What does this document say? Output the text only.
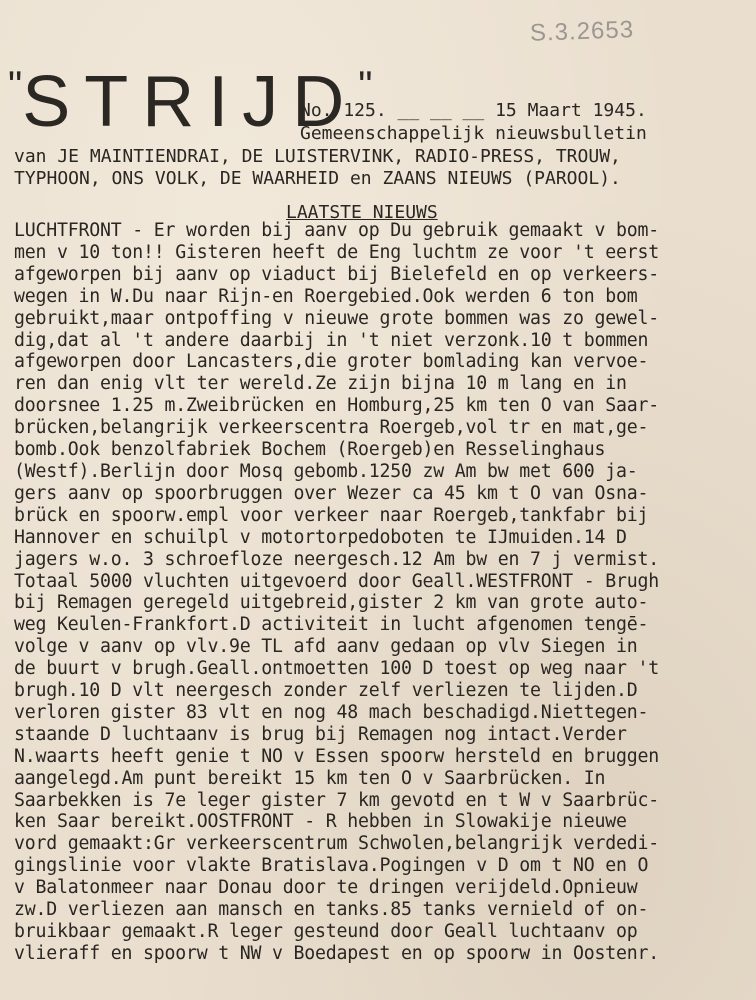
S.3.2653
"STRIJD"
No. 125. __ __ __ 15 Maart 1945.
Gemeenschappelijk nieuwsbulletin
van JE MAINTIENDRAI, DE LUISTERVINK, RADIO-PRESS, TROUW,
TYPHOON, ONS VOLK, DE WAARHEID en ZAANS NIEUWS (PAROOL).
LAATSTE NIEUWS
LUCHTFRONT - Er worden bij aanv op Du gebruik gemaakt v bom-
men v 10 ton!! Gisteren heeft de Eng luchtm ze voor 't eerst
afgeworpen bij aanv op viaduct bij Bielefeld en op verkeers-
wegen in W.Du naar Rijn-en Roergebied.Ook werden 6 ton bom
gebruikt,maar ontpoffing v nieuwe grote bommen was zo gewel-
dig,dat al 't andere daarbij in 't niet verzonk.10 t bommen
afgeworpen door Lancasters,die groter bomlading kan vervoe-
ren dan enig vlt ter wereld.Ze zijn bijna 10 m lang en in
doorsnee 1.25 m.Zweibrücken en Homburg,25 km ten O van Saar-
brücken,belangrijk verkeerscentra Roergeb,vol tr en mat,ge-
bomb.Ook benzolfabriek Bochem (Roergeb)en Resselinghaus
(Westf).Berlijn door Mosq gebomb.1250 zw Am bw met 600 ja-
gers aanv op spoorbruggen over Wezer ca 45 km t O van Osna-
brück en spoorw.empl voor verkeer naar Roergeb,tankfabr bij
Hannover en schuilpl v motortorpedoboten te IJmuiden.14 D
jagers w.o. 3 schroefloze neergesch.12 Am bw en 7 j vermist.
Totaal 5000 vluchten uitgevoerd door Geall.WESTFRONT - Brugh
bij Remagen geregeld uitgebreid,gister 2 km van grote auto-
weg Keulen-Frankfort.D activiteit in lucht afgenomen tengē-
volge v aanv op vlv.9e TL afd aanv gedaan op vlv Siegen in
de buurt v brugh.Geall.ontmoetten 100 D toest op weg naar 't
brugh.10 D vlt neergesch zonder zelf verliezen te lijden.D
verloren gister 83 vlt en nog 48 mach beschadigd.Niettegen-
staande D luchtaanv is brug bij Remagen nog intact.Verder
N.waarts heeft genie t NO v Essen spoorw hersteld en bruggen
aangelegd.Am punt bereikt 15 km ten O v Saarbrücken. In
Saarbekken is 7e leger gister 7 km gevotd en t W v Saarbrüc-
ken Saar bereikt.OOSTFRONT - R hebben in Slowakije nieuwe
vord gemaakt:Gr verkeerscentrum Schwolen,belangrijk verdedi-
gingslinie voor vlakte Bratislava.Pogingen v D om t NO en O
v Balatonmeer naar Donau door te dringen verijdeld.Opnieuw
zw.D verliezen aan mansch en tanks.85 tanks vernield of on-
bruikbaar gemaakt.R leger gesteund door Geall luchtaanv op
vlieraff en spoorw t NW v Boedapest en op spoorw in Oostenr.
